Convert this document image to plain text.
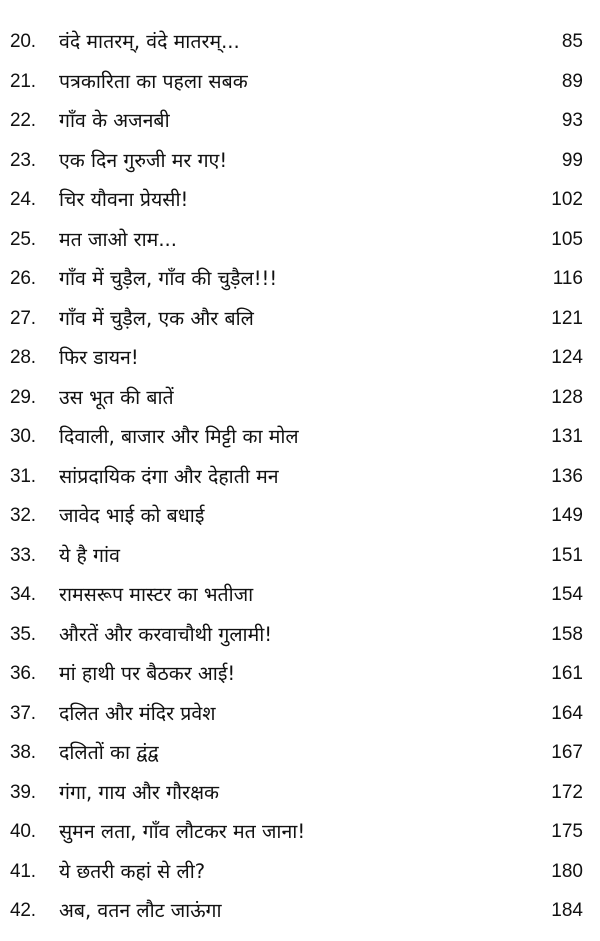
20. वंदे मातरम्, वंदे मातरम्...	85
21. पत्रकारिता का पहला सबक	89
22. गाँव के अजनबी	93
23. एक दिन गुरुजी मर गए!	99
24. चिर यौवना प्रेयसी!	102
25. मत जाओ राम...	105
26. गाँव में चुड़ैल, गाँव की चुड़ैल!!!	116
27. गाँव में चुड़ैल, एक और बलि	121
28. फिर डायन!	124
29. उस भूत की बातें	128
30. दिवाली, बाजार और मिट्टी का मोल	131
31. सांप्रदायिक दंगा और देहाती मन	136
32. जावेद भाई को बधाई	149
33. ये है गांव	151
34. रामसरूप मास्टर का भतीजा	154
35. औरतें और करवाचौथी गुलामी!	158
36. मां हाथी पर बैठकर आई!	161
37. दलित और मंदिर प्रवेश	164
38. दलितों का द्वंद्व	167
39. गंगा, गाय और गौरक्षक	172
40. सुमन लता, गाँव लौटकर मत जाना!	175
41. ये छतरी कहां से ली?	180
42. अब, वतन लौट जाऊंगा	184
